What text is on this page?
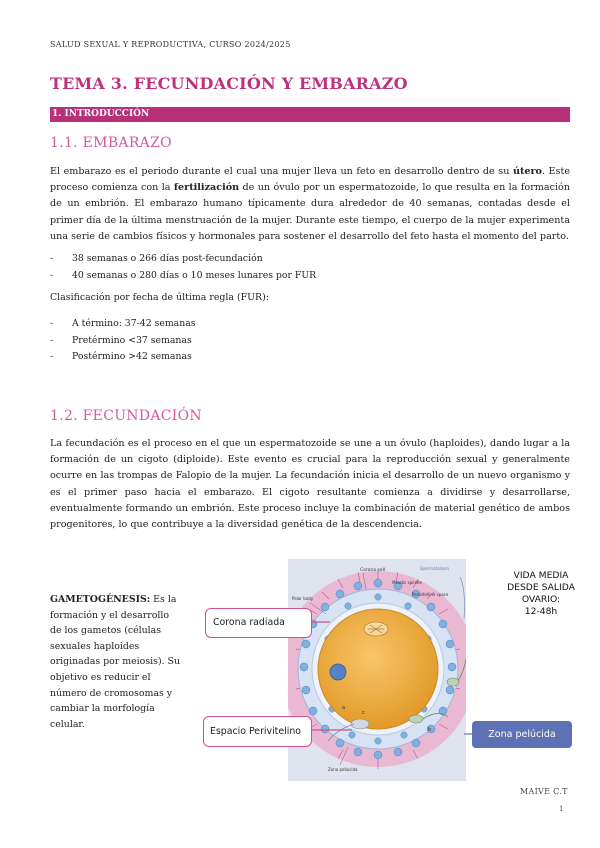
SALUD SEXUAL Y REPRODUCTIVA, CURSO 2024/2025
TEMA 3. FECUNDACIÓN Y EMBARAZO
1. INTRODUCCIÓN
1.1. EMBARAZO
El embarazo es el periodo durante el cual una mujer lleva un feto en desarrollo dentro de su útero. Este proceso comienza con la fertilización de un óvulo por un espermatozoide, lo que resulta en la formación de un embrión. El embarazo humano típicamente dura alrededor de 40 semanas, contadas desde el primer día de la última menstruación de la mujer. Durante este tiempo, el cuerpo de la mujer experimenta una serie de cambios físicos y hormonales para sostener el desarrollo del feto hasta el momento del parto.
- 38 semanas o 266 días post-fecundación
- 40 semanas o 280 días o 10 meses lunares por FUR
Clasificación por fecha de última regla (FUR):
- A término: 37-42 semanas
- Pretérmino <37 semanas
- Postérmino >42 semanas
1.2. FECUNDACIÓN
La fecundación es el proceso en el que un espermatozoide se une a un óvulo (haploides), dando lugar a la formación de un cigoto (diploide). Este evento es crucial para la reproducción sexual y generalmente ocurre en las trompas de Falopio de la mujer. La fecundación inicia el desarrollo de un nuevo organismo y es el primer paso hacia el embarazo. El cigoto resultante comienza a dividirse y desarrollarse, eventualmente formando un embrión. Este proceso incluye la combinación de material genético de ambos progenitores, lo que contribuye a la diversidad genética de la descendencia.
GAMETOGÉNESIS: Es la formación y el desarrollo de los gametos (células sexuales haploides originadas por meiosis). Su objetivo es reducir el número de cromosomas y cambiar la morfología celular.
Corona cell
Meiotic spindle
Polar body
Perivitelline space
Zona pellucida
Spermatozoon
a
b
c
Corona radiada
Espacio Perivitelino	Zona pelúcida
VIDA MEDIA
DESDE SALIDA
OVARIO:
12-48h
MAIVE C.T
1
